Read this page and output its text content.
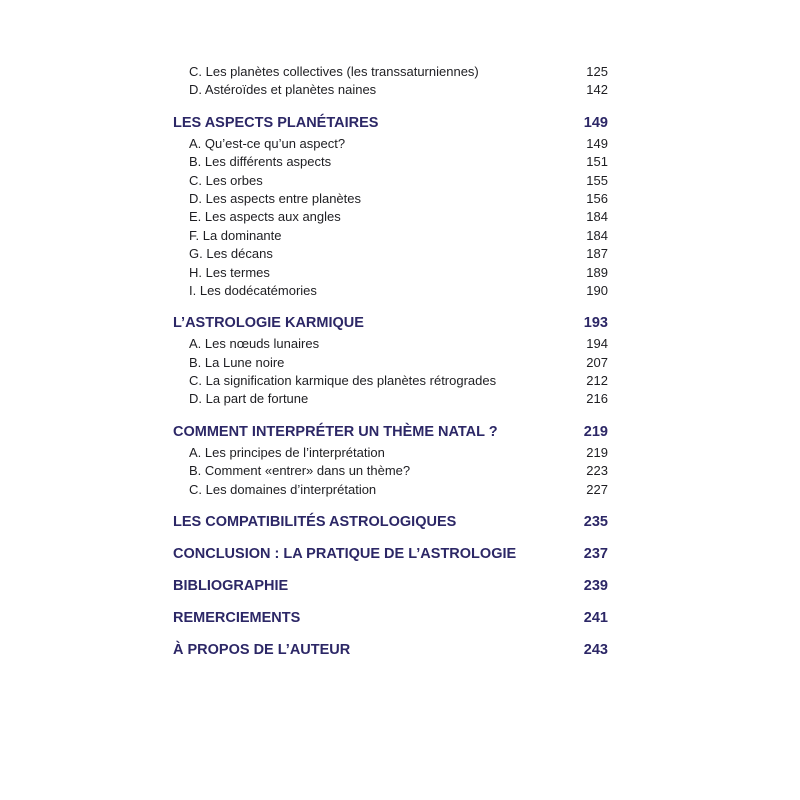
C. Les planètes collectives (les transsaturniennes)	125
D. Astéroïdes et planètes naines	142
LES ASPECTS PLANÉTAIRES	149
A. Qu’est-ce qu’un aspect?	149
B. Les différents aspects	151
C. Les orbes	155
D. Les aspects entre planètes	156
E. Les aspects aux angles	184
F. La dominante	184
G. Les décans	187
H. Les termes	189
I. Les dodécatémories	190
L’ASTROLOGIE KARMIQUE	193
A. Les nœuds lunaires	194
B. La Lune noire	207
C. La signification karmique des planètes rétrogrades	212
D. La part de fortune	216
COMMENT INTERPRÉTER UN THÈME NATAL ?	219
A. Les principes de l’interprétation	219
B. Comment «entrer» dans un thème?	223
C. Les domaines d’interprétation	227
LES COMPATIBILITÉS ASTROLOGIQUES	235
CONCLUSION : LA PRATIQUE DE L’ASTROLOGIE	237
BIBLIOGRAPHIE	239
REMERCIEMENTS	241
À PROPOS DE L’AUTEUR	243
